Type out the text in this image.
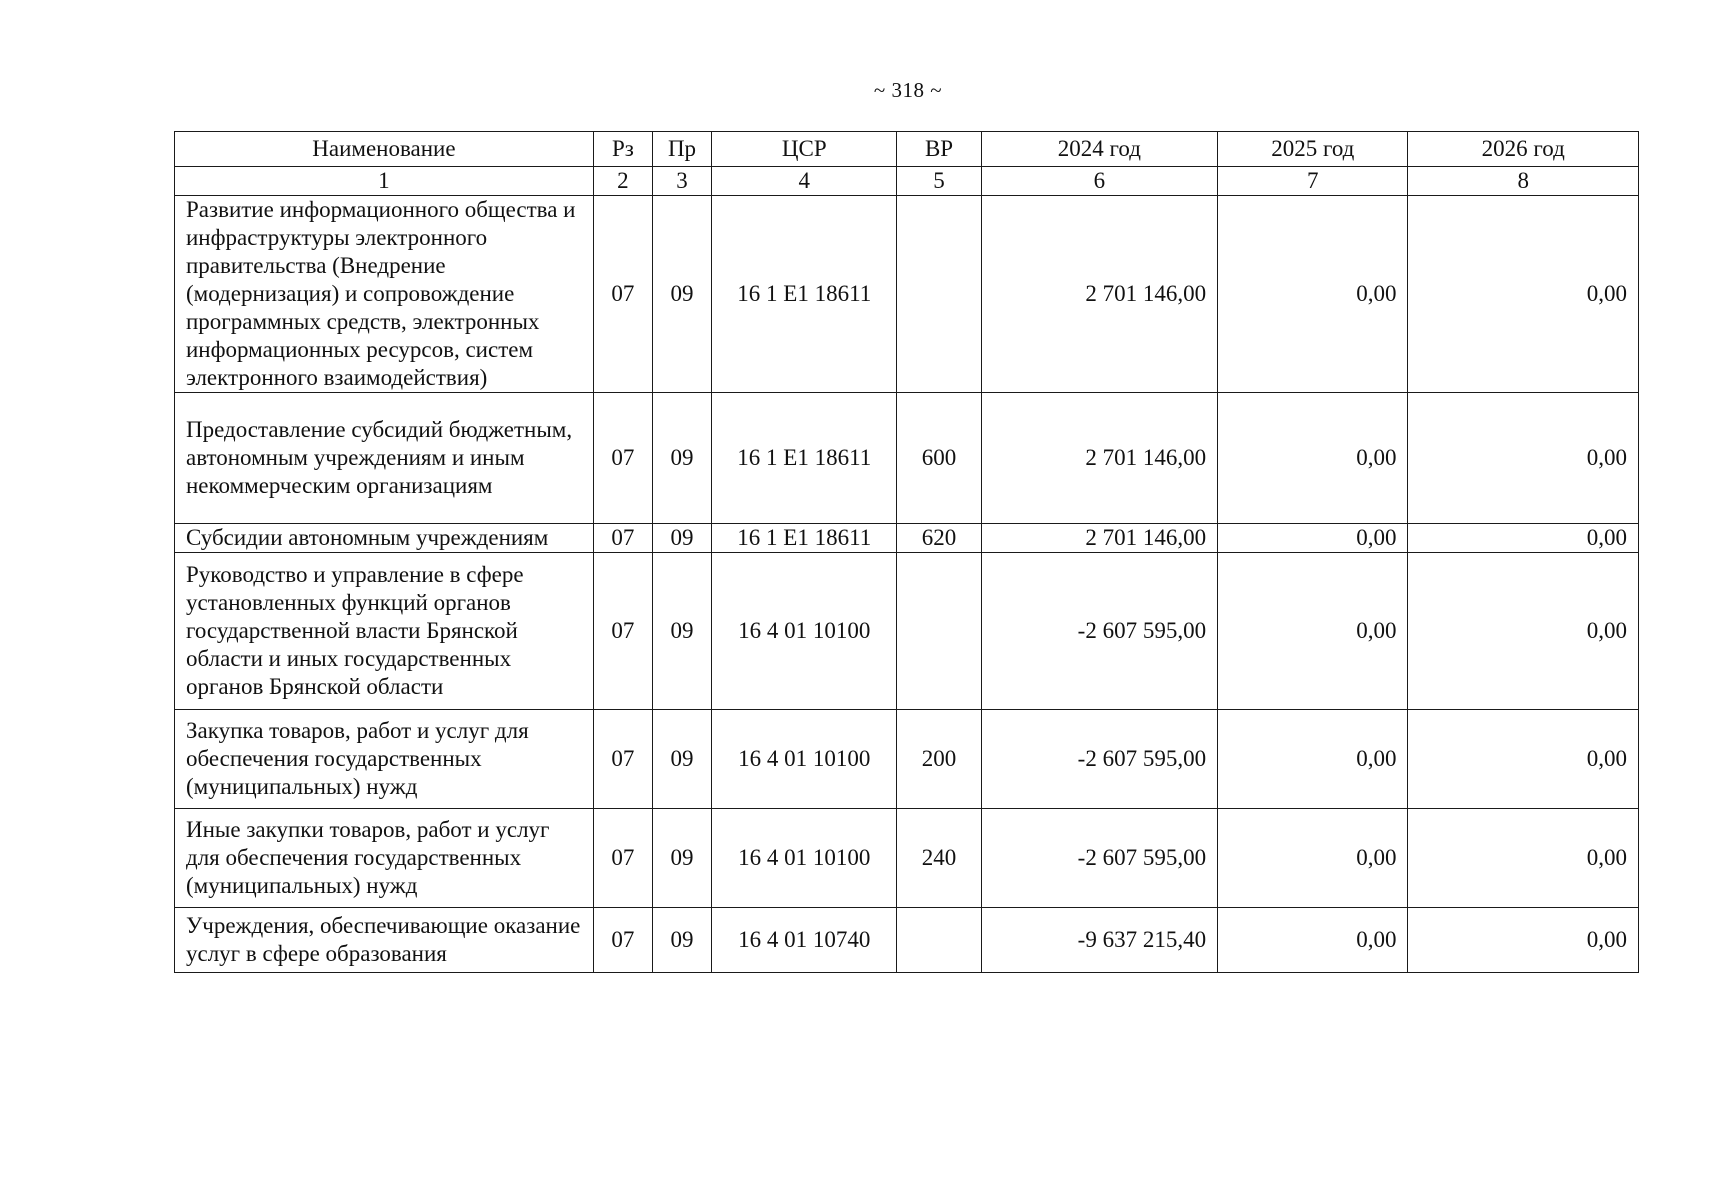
~ 318 ~
Наименование	Рз	Пр	ЦСР	ВР	2024 год	2025 год	2026 год
1	2	3	4	5	6	7	8
Развитие информационного общества и инфраструктуры электронного правительства (Внедрение (модернизация) и сопровождение программных средств, электронных информационных ресурсов, систем электронного взаимодействия)	07	09	16 1 E1 18611		2 701 146,00	0,00	0,00
Предоставление субсидий бюджетным, автономным учреждениям и иным некоммерческим организациям	07	09	16 1 E1 18611	600	2 701 146,00	0,00	0,00
Субсидии автономным учреждениям	07	09	16 1 E1 18611	620	2 701 146,00	0,00	0,00
Руководство и управление в сфере установленных функций органов государственной власти Брянской области и иных государственных органов Брянской области	07	09	16 4 01 10100		-2 607 595,00	0,00	0,00
Закупка товаров, работ и услуг для обеспечения государственных (муниципальных) нужд	07	09	16 4 01 10100	200	-2 607 595,00	0,00	0,00
Иные закупки товаров, работ и услуг для обеспечения государственных (муниципальных) нужд	07	09	16 4 01 10100	240	-2 607 595,00	0,00	0,00
Учреждения, обеспечивающие оказание услуг в сфере образования	07	09	16 4 01 10740		-9 637 215,40	0,00	0,00
